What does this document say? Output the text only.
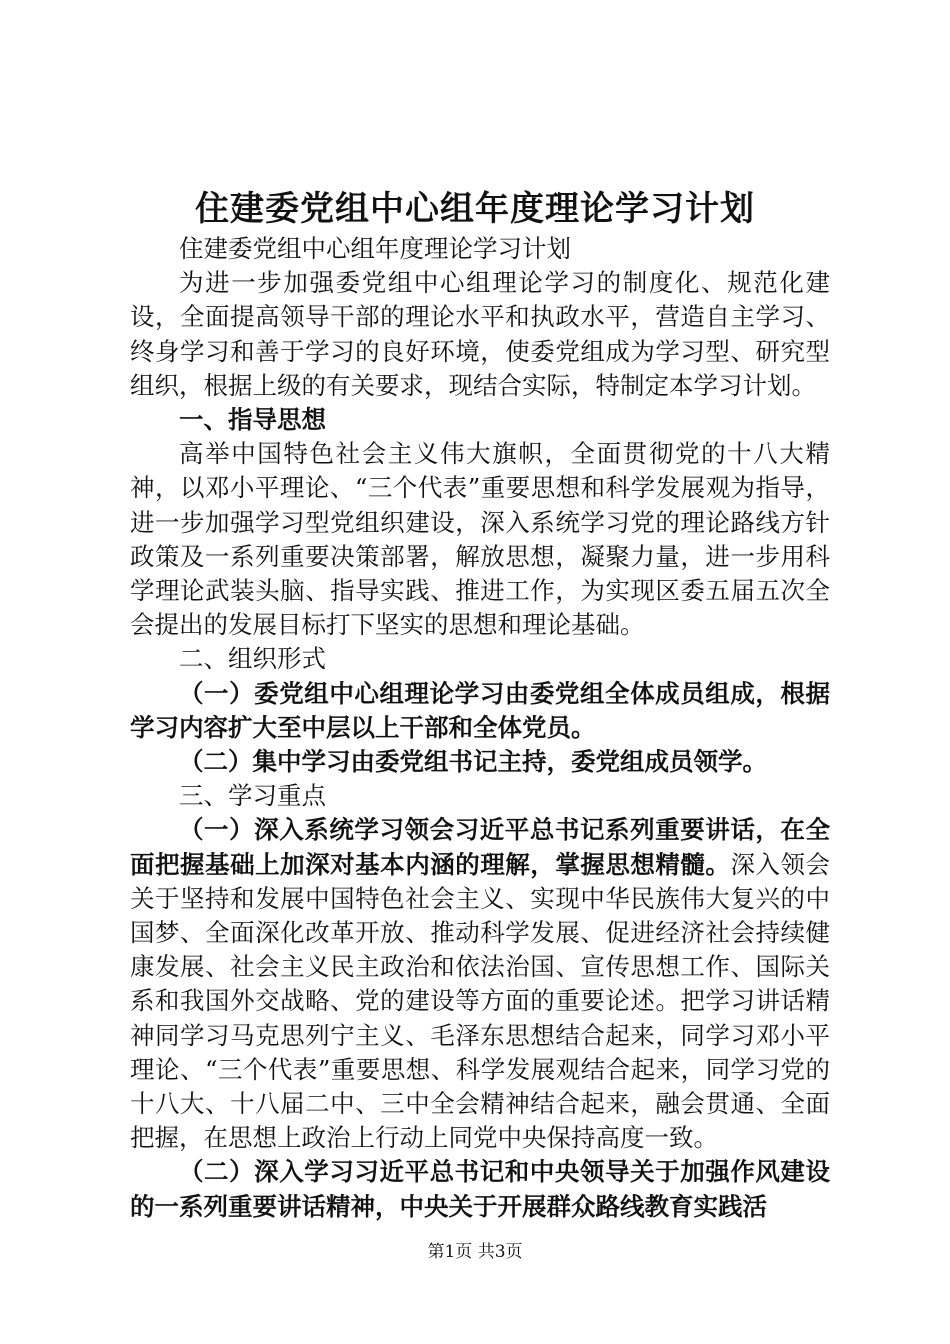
住建委党组中心组年度理论学习计划

住建委党组中心组年度理论学习计划

为进一步加强委党组中心组理论学习的制度化、规范化建设，全面提高领导干部的理论水平和执政水平，营造自主学习、终身学习和善于学习的良好环境，使委党组成为学习型、研究型组织，根据上级的有关要求，现结合实际，特制定本学习计划。

一、指导思想

高举中国特色社会主义伟大旗帜，全面贯彻党的十八大精神，以邓小平理论、“三个代表”重要思想和科学发展观为指导，进一步加强学习型党组织建设，深入系统学习党的理论路线方针政策及一系列重要决策部署，解放思想，凝聚力量，进一步用科学理论武装头脑、指导实践、推进工作，为实现区委五届五次全会提出的发展目标打下坚实的思想和理论基础。

二、组织形式

（一）委党组中心组理论学习由委党组全体成员组成，根据学习内容扩大至中层以上干部和全体党员。

（二）集中学习由委党组书记主持，委党组成员领学。

三、学习重点

（一）深入系统学习领会习近平总书记系列重要讲话，在全面把握基础上加深对基本内涵的理解，掌握思想精髓。深入领会关于坚持和发展中国特色社会主义、实现中华民族伟大复兴的中国梦、全面深化改革开放、推动科学发展、促进经济社会持续健康发展、社会主义民主政治和依法治国、宣传思想工作、国际关系和我国外交战略、党的建设等方面的重要论述。把学习讲话精神同学习马克思列宁主义、毛泽东思想结合起来，同学习邓小平理论、“三个代表”重要思想、科学发展观结合起来，同学习党的十八大、十八届二中、三中全会精神结合起来，融会贯通、全面把握，在思想上政治上行动上同党中央保持高度一致。

（二）深入学习习近平总书记和中央领导关于加强作风建设的一系列重要讲话精神，中央关于开展群众路线教育实践活

第1页 共3页
